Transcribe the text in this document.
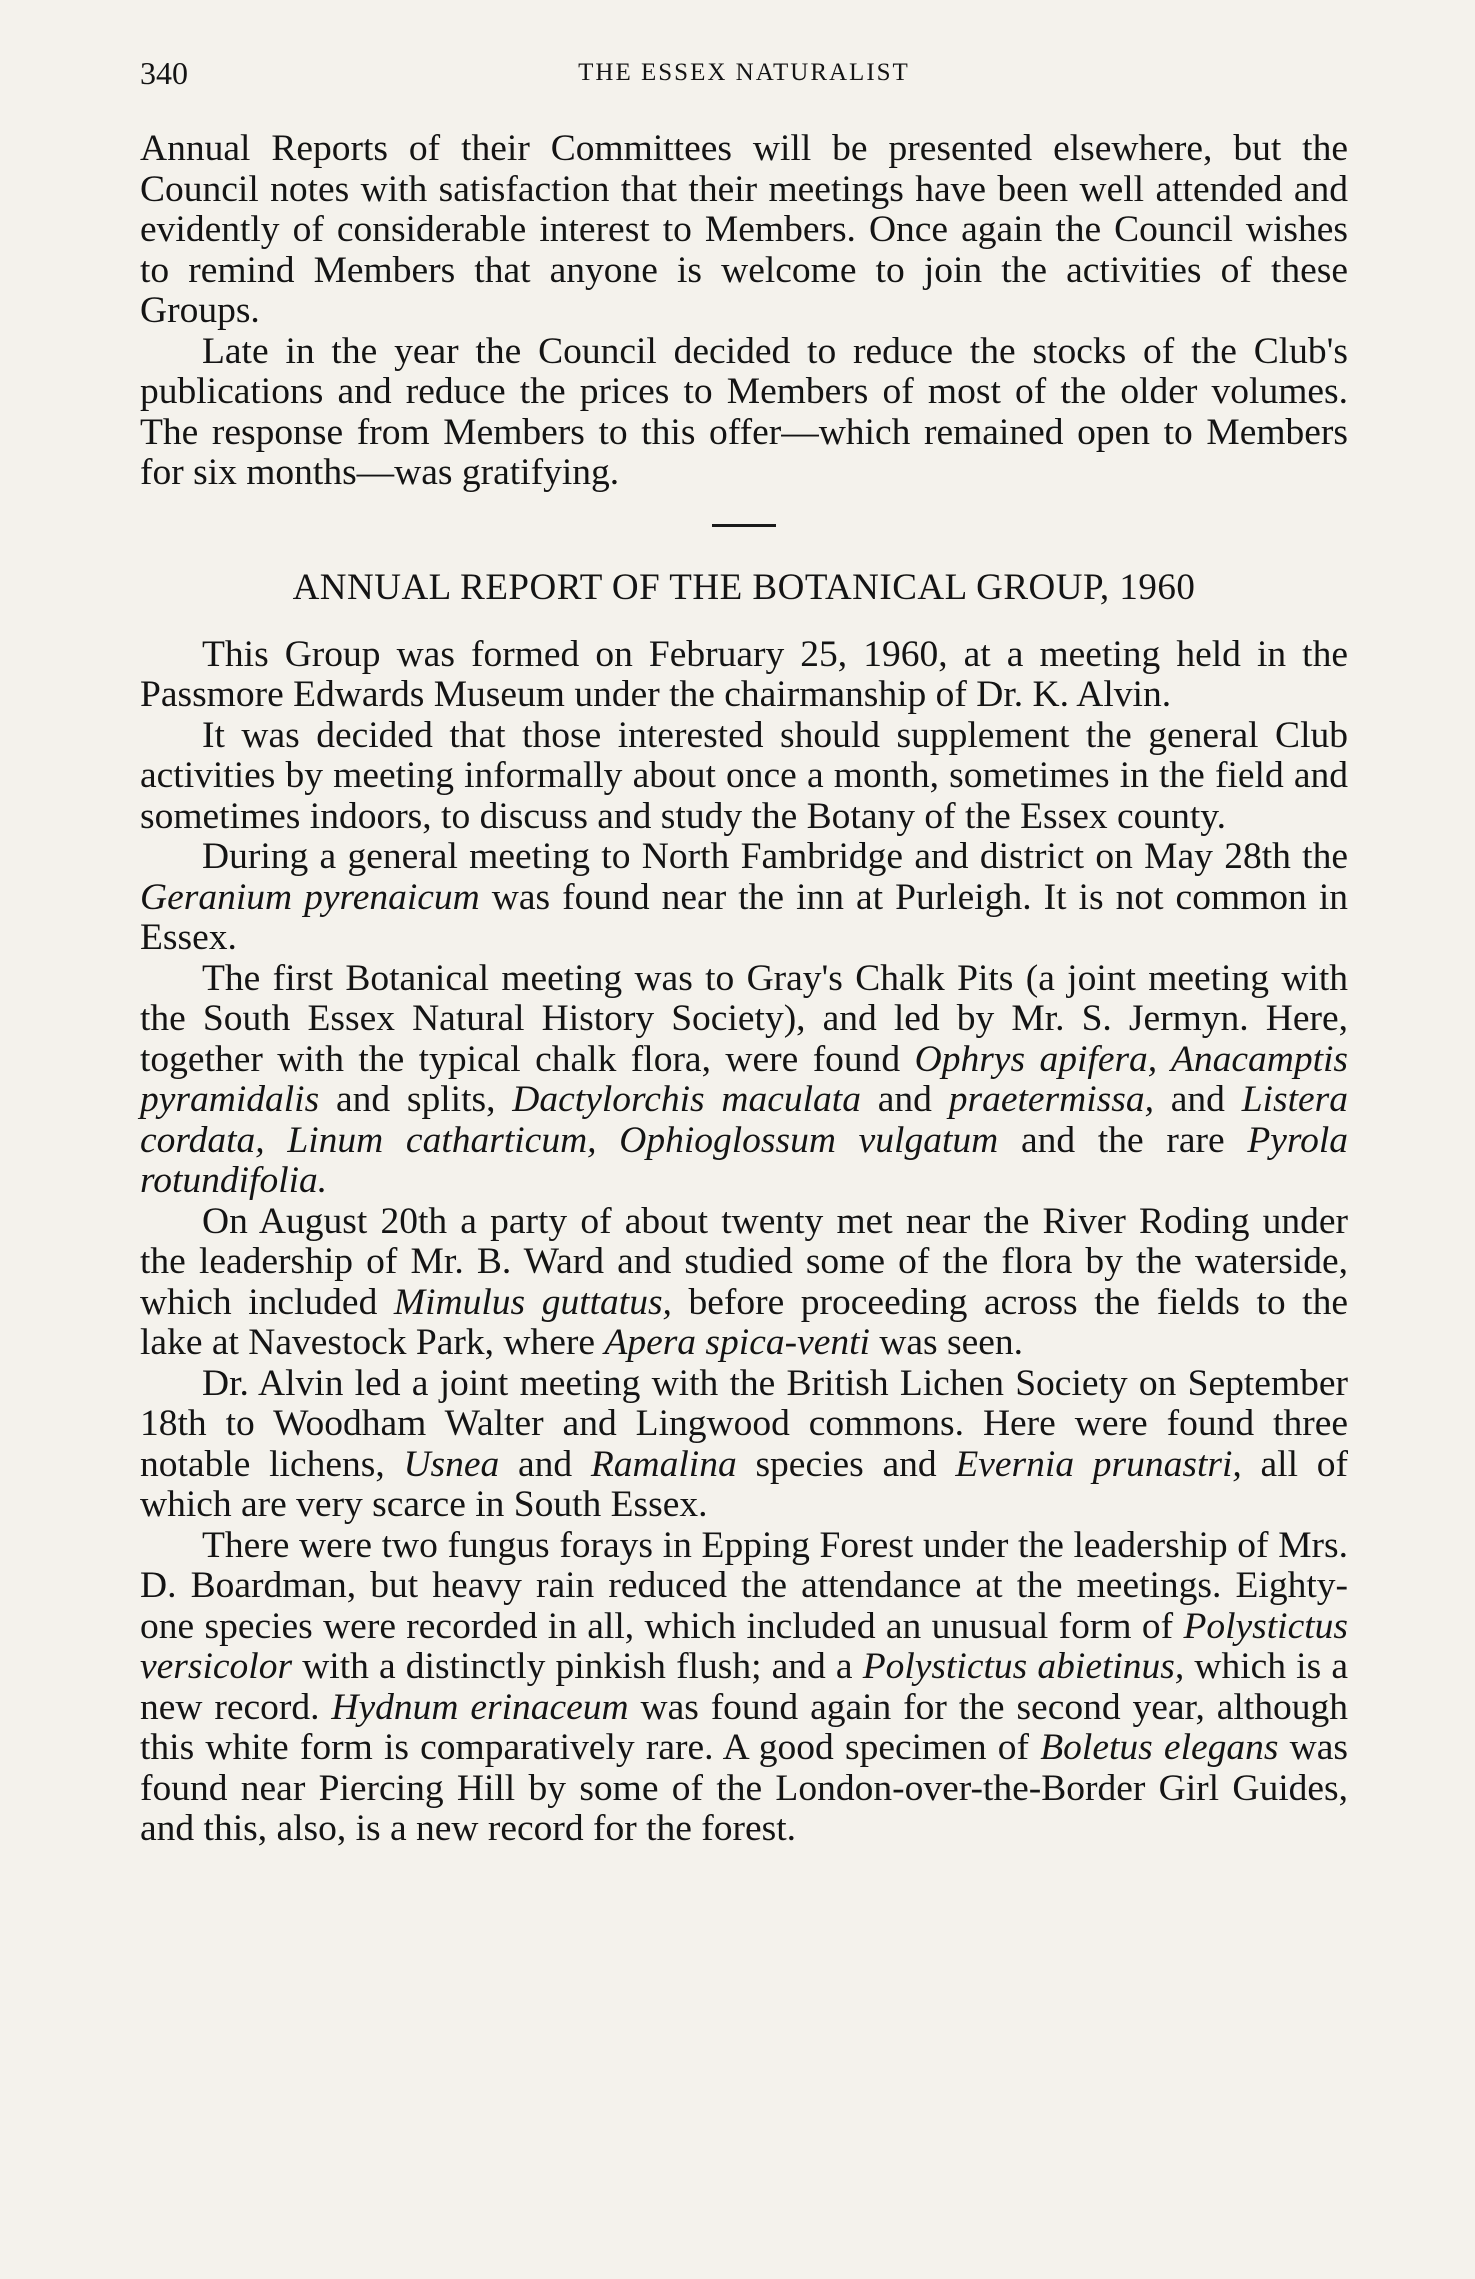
340	THE ESSEX NATURALIST

Annual Reports of their Committees will be presented elsewhere, but the Council notes with satisfaction that their meetings have been well attended and evidently of considerable interest to Members. Once again the Council wishes to remind Members that anyone is welcome to join the activities of these Groups.

Late in the year the Council decided to reduce the stocks of the Club's publications and reduce the prices to Members of most of the older volumes. The response from Members to this offer—which remained open to Members for six months—was gratifying.

ANNUAL REPORT OF THE BOTANICAL GROUP, 1960

This Group was formed on February 25, 1960, at a meeting held in the Passmore Edwards Museum under the chairmanship of Dr. K. Alvin.

It was decided that those interested should supplement the general Club activities by meeting informally about once a month, sometimes in the field and sometimes indoors, to discuss and study the Botany of the Essex county.

During a general meeting to North Fambridge and district on May 28th the Geranium pyrenaicum was found near the inn at Purleigh. It is not common in Essex.

The first Botanical meeting was to Gray's Chalk Pits (a joint meeting with the South Essex Natural History Society), and led by Mr. S. Jermyn. Here, together with the typical chalk flora, were found Ophrys apifera, Anacamptis pyramidalis and splits, Dactylorchis maculata and praetermissa, and Listera cordata, Linum catharticum, Ophioglossum vulgatum and the rare Pyrola rotundifolia.

On August 20th a party of about twenty met near the River Roding under the leadership of Mr. B. Ward and studied some of the flora by the waterside, which included Mimulus guttatus, before proceeding across the fields to the lake at Navestock Park, where Apera spica-venti was seen.

Dr. Alvin led a joint meeting with the British Lichen Society on September 18th to Woodham Walter and Lingwood commons. Here were found three notable lichens, Usnea and Ramalina species and Evernia prunastri, all of which are very scarce in South Essex.

There were two fungus forays in Epping Forest under the leadership of Mrs. D. Boardman, but heavy rain reduced the attendance at the meetings. Eighty-one species were recorded in all, which included an unusual form of Polystictus versicolor with a distinctly pinkish flush; and a Polystictus abietinus, which is a new record. Hydnum erinaceum was found again for the second year, although this white form is comparatively rare. A good specimen of Boletus elegans was found near Piercing Hill by some of the London-over-the-Border Girl Guides, and this, also, is a new record for the forest.
